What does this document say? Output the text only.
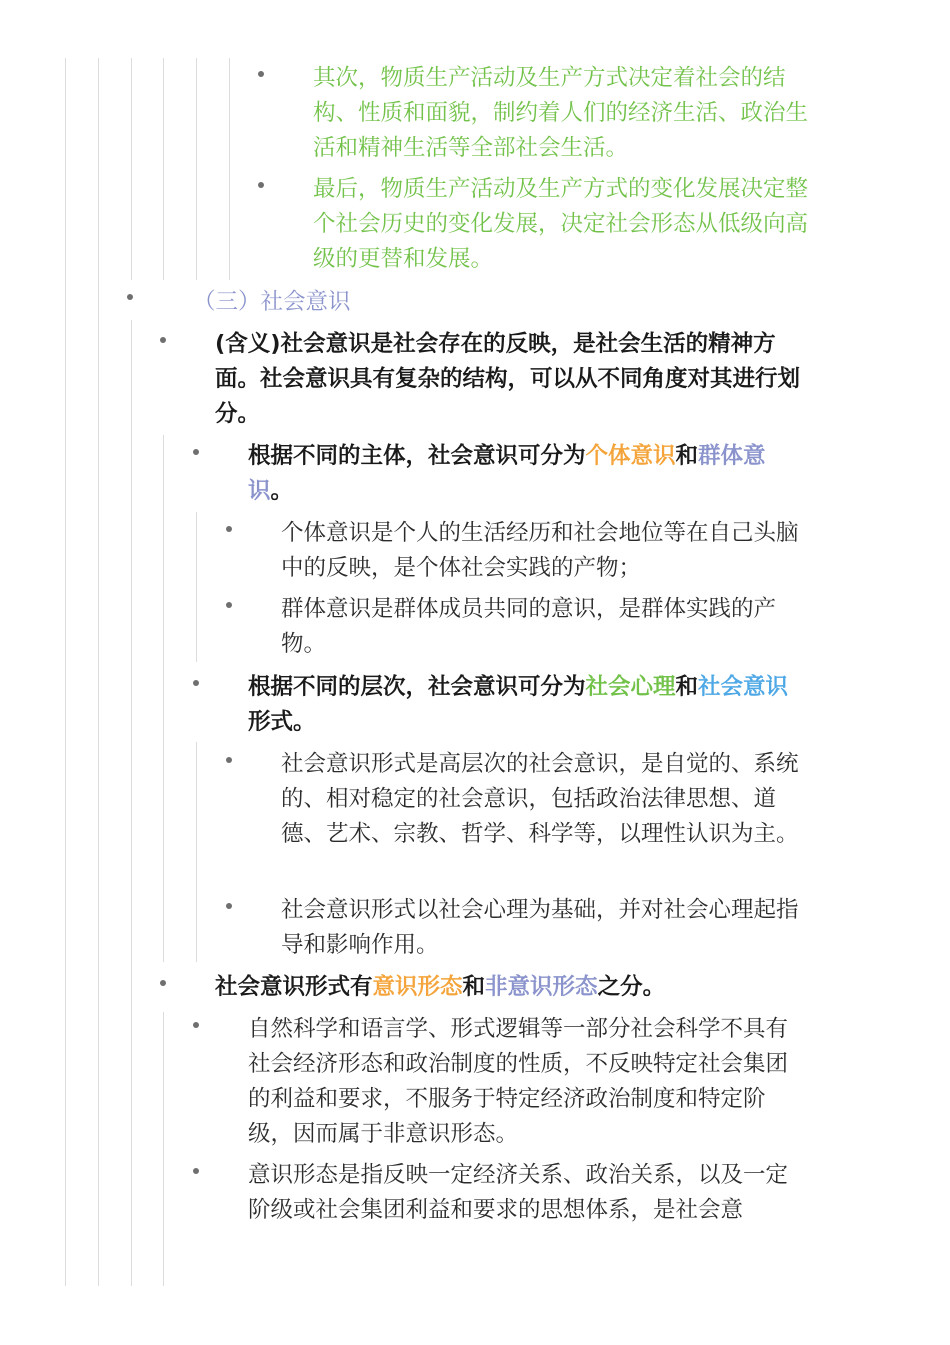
其次，物质生产活动及生产方式决定着社会的结构、性质和面貌，制约着人们的经济生活、政治生活和精神生活等全部社会生活。
最后，物质生产活动及生产方式的变化发展决定整个社会历史的变化发展，决定社会形态从低级向高级的更替和发展。
（三）社会意识
(含义)社会意识是社会存在的反映，是社会生活的精神方面。社会意识具有复杂的结构，可以从不同角度对其进行划分。
根据不同的主体，社会意识可分为个体意识和群体意识。
个体意识是个人的生活经历和社会地位等在自己头脑中的反映，是个体社会实践的产物；
群体意识是群体成员共同的意识，是群体实践的产物。
根据不同的层次，社会意识可分为社会心理和社会意识形式。
社会意识形式是高层次的社会意识，是自觉的、系统的、相对稳定的社会意识，包括政治法律思想、道德、艺术、宗教、哲学、科学等，以理性认识为主。
社会意识形式以社会心理为基础，并对社会心理起指导和影响作用。
社会意识形式有意识形态和非意识形态之分。
自然科学和语言学、形式逻辑等一部分社会科学不具有社会经济形态和政治制度的性质，不反映特定社会集团的利益和要求，不服务于特定经济政治制度和特定阶级，因而属于非意识形态。
意识形态是指反映一定经济关系、政治关系，以及一定阶级或社会集团利益和要求的思想体系，是社会意
